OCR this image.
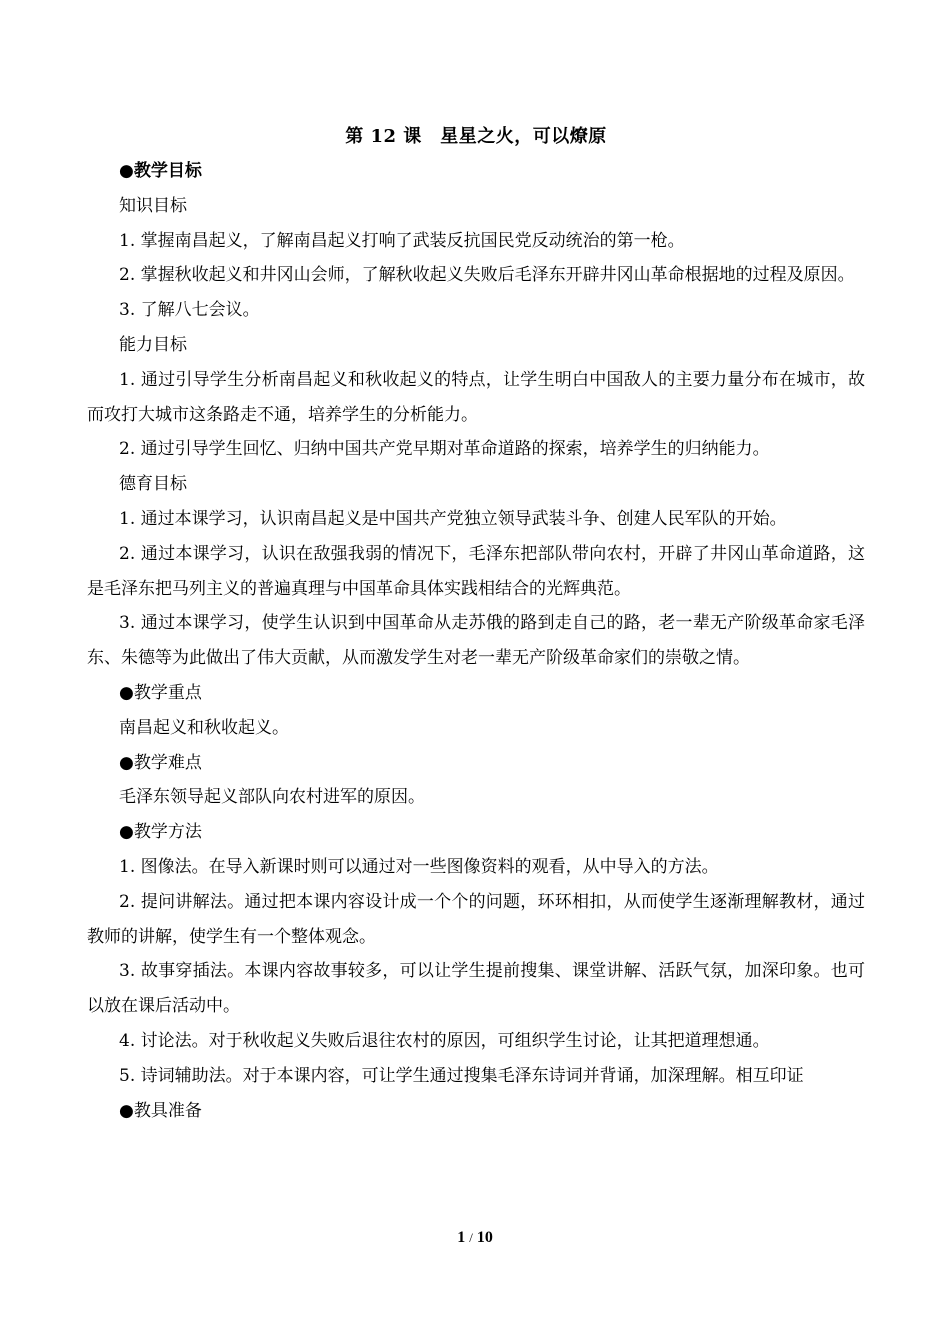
第 12 课　星星之火，可以燎原

●教学目标

知识目标

1. 掌握南昌起义，了解南昌起义打响了武装反抗国民党反动统治的第一枪。

2. 掌握秋收起义和井冈山会师，了解秋收起义失败后毛泽东开辟井冈山革命根据地的过程及原因。

3. 了解八七会议。

能力目标

1. 通过引导学生分析南昌起义和秋收起义的特点，让学生明白中国敌人的主要力量分布在城市，故而攻打大城市这条路走不通，培养学生的分析能力。

2. 通过引导学生回忆、归纳中国共产党早期对革命道路的探索，培养学生的归纳能力。

德育目标

1. 通过本课学习，认识南昌起义是中国共产党独立领导武装斗争、创建人民军队的开始。

2. 通过本课学习，认识在敌强我弱的情况下，毛泽东把部队带向农村，开辟了井冈山革命道路，这是毛泽东把马列主义的普遍真理与中国革命具体实践相结合的光辉典范。

3. 通过本课学习，使学生认识到中国革命从走苏俄的路到走自己的路，老一辈无产阶级革命家毛泽东、朱德等为此做出了伟大贡献，从而激发学生对老一辈无产阶级革命家们的崇敬之情。

●教学重点

南昌起义和秋收起义。

●教学难点

毛泽东领导起义部队向农村进军的原因。

●教学方法

1. 图像法。在导入新课时则可以通过对一些图像资料的观看，从中导入的方法。

2. 提问讲解法。通过把本课内容设计成一个个的问题，环环相扣，从而使学生逐渐理解教材，通过教师的讲解，使学生有一个整体观念。

3. 故事穿插法。本课内容故事较多，可以让学生提前搜集、课堂讲解、活跃气氛，加深印象。也可以放在课后活动中。

4. 讨论法。对于秋收起义失败后退往农村的原因，可组织学生讨论，让其把道理想通。

5. 诗词辅助法。对于本课内容，可让学生通过搜集毛泽东诗词并背诵，加深理解。相互印证

●教具准备

1 / 10
